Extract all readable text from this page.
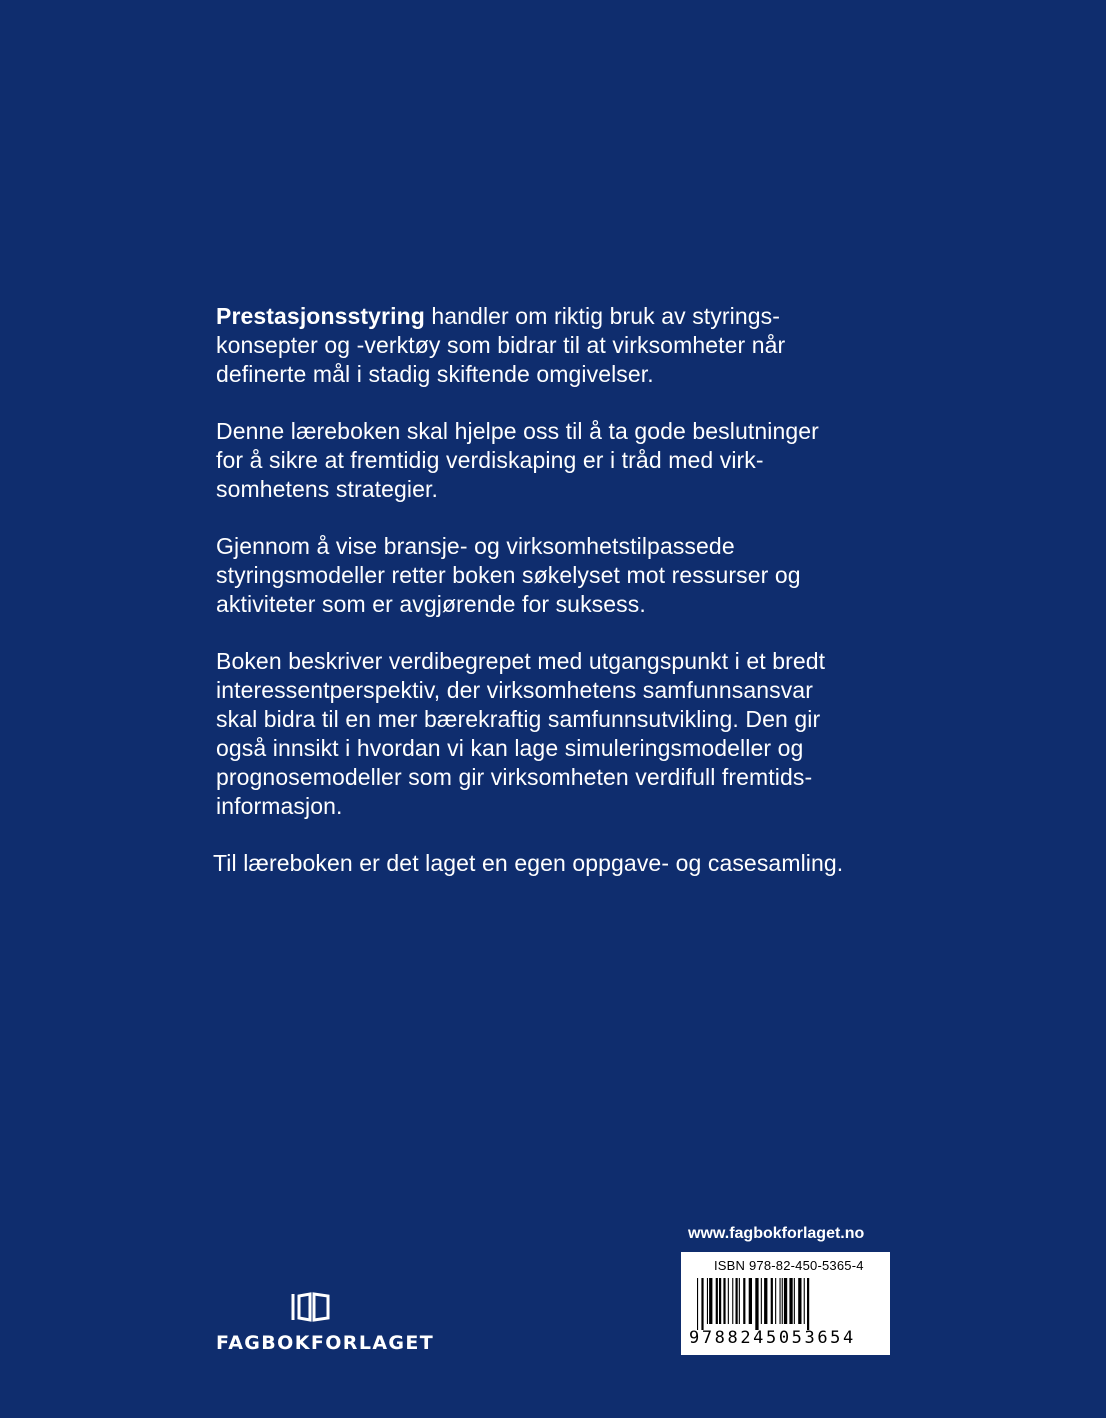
Prestasjonsstyring handler om riktig bruk av styrings-
konsepter og -verktøy som bidrar til at virksomheter når
definerte mål i stadig skiftende omgivelser.

Denne læreboken skal hjelpe oss til å ta gode beslutninger
for å sikre at fremtidig verdiskaping er i tråd med virk-
somhetens strategier.

Gjennom å vise bransje- og virksomhetstilpassede
styringsmodeller retter boken søkelyset mot ressurser og
aktiviteter som er avgjørende for suksess.

Boken beskriver verdibegrepet med utgangspunkt i et bredt
interessentperspektiv, der virksomhetens samfunnsansvar
skal bidra til en mer bærekraftig samfunnsutvikling. Den gir
også innsikt i hvordan vi kan lage simuleringsmodeller og
prognosemodeller som gir virksomheten verdifull fremtids-
informasjon.

Til læreboken er det laget en egen oppgave- og casesamling.

www.fagbokforlaget.no
ISBN 978-82-450-5365-4
9788245053654
FAGBOKFORLAGET
